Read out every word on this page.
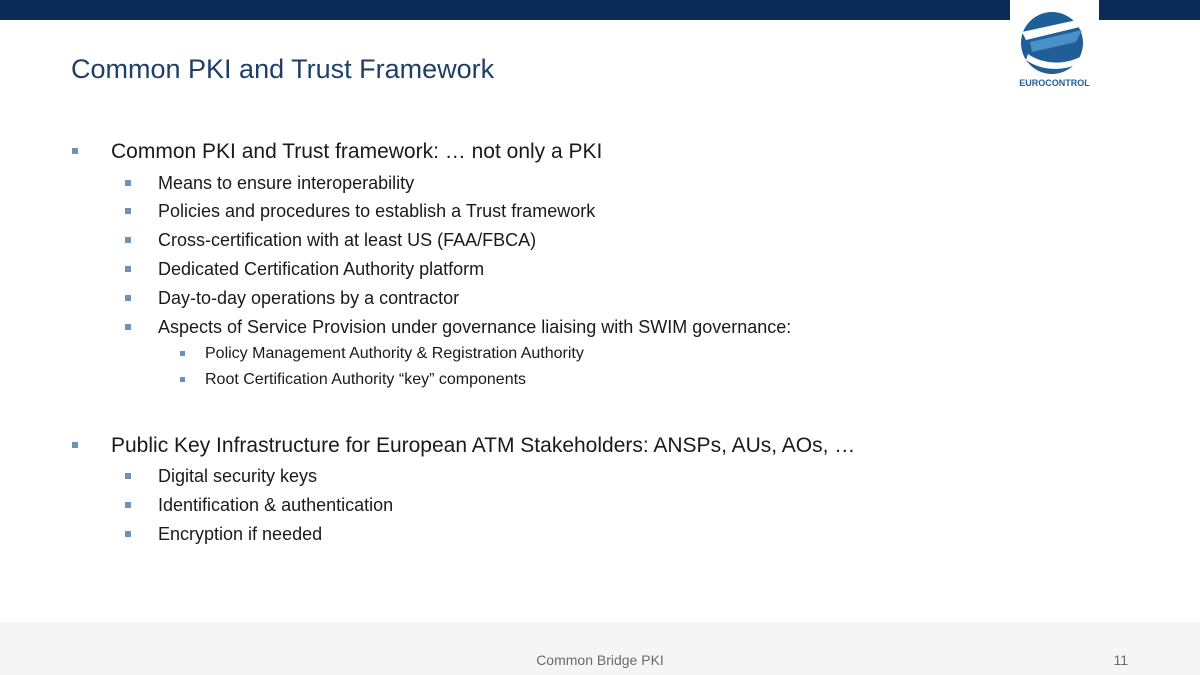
EUROCONTROL
Common PKI and Trust Framework
Common PKI and Trust framework: … not only a PKI
Means to ensure interoperability
Policies and procedures to establish a Trust framework
Cross-certification with at least US (FAA/FBCA)
Dedicated Certification Authority platform
Day-to-day operations by a contractor
Aspects of Service Provision under governance liaising with SWIM governance:
Policy Management Authority & Registration Authority
Root Certification Authority “key” components
Public Key Infrastructure for European ATM Stakeholders: ANSPs, AUs, AOs, …
Digital security keys
Identification & authentication
Encryption if needed
Common Bridge PKI	11
